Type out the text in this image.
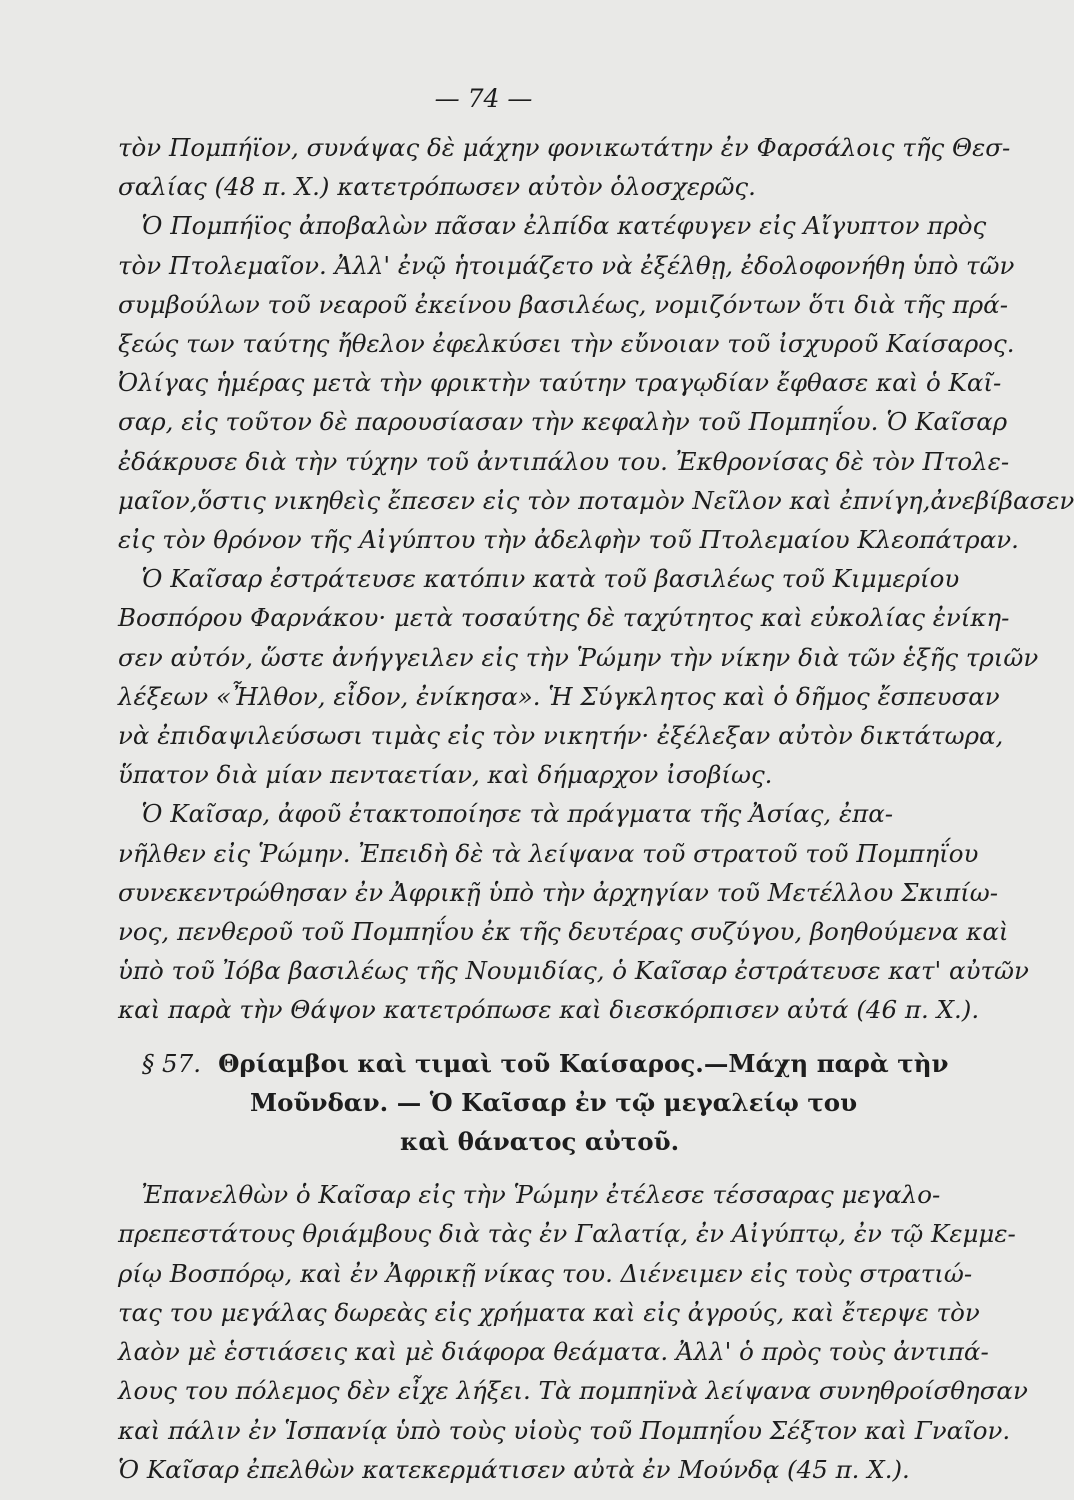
— 74 —
τὸν Πομπήϊον, συνάψας δὲ μάχην φονικωτάτην ἐν Φαρσάλοις τῆς Θεσ-
σαλίας (48 π. Χ.) κατετρόπωσεν αὐτὸν ὁλοσχερῶς.
Ὁ Πομπήϊος ἀποβαλὼν πᾶσαν ἐλπίδα κατέφυγεν εἰς Αἴγυπτον πρὸς
τὸν Πτολεμαῖον. Ἀλλ' ἐνῷ ἡτοιμάζετο νὰ ἐξέλθῃ, ἐδολοφονήθη ὑπὸ τῶν
συμβούλων τοῦ νεαροῦ ἐκείνου βασιλέως, νομιζόντων ὅτι διὰ τῆς πρά-
ξεώς των ταύτης ἤθελον ἐφελκύσει τὴν εὔνοιαν τοῦ ἰσχυροῦ Καίσαρος.
Ὀλίγας ἡμέρας μετὰ τὴν φρικτὴν ταύτην τραγῳδίαν ἔφθασε καὶ ὁ Καῖ-
σαρ, εἰς τοῦτον δὲ παρουσίασαν τὴν κεφαλὴν τοῦ Πομπηΐου. Ὁ Καῖσαρ
ἐδάκρυσε διὰ τὴν τύχην τοῦ ἀντιπάλου του. Ἐκθρονίσας δὲ τὸν Πτολε-
μαῖον,ὅστις νικηθεὶς ἔπεσεν εἰς τὸν ποταμὸν Νεῖλον καὶ ἐπνίγη,ἀνεβίβασεν
εἰς τὸν θρόνον τῆς Αἰγύπτου τὴν ἀδελφὴν τοῦ Πτολεμαίου Κλεοπάτραν.
Ὁ Καῖσαρ ἐστράτευσε κατόπιν κατὰ τοῦ βασιλέως τοῦ Κιμμερίου
Βοσπόρου Φαρνάκου· μετὰ τοσαύτης δὲ ταχύτητος καὶ εὐκολίας ἐνίκη-
σεν αὐτόν, ὥστε ἀνήγγειλεν εἰς τὴν Ῥώμην τὴν νίκην διὰ τῶν ἑξῆς τριῶν
λέξεων «Ἦλθον, εἶδον, ἐνίκησα». Ἡ Σύγκλητος καὶ ὁ δῆμος ἔσπευσαν
νὰ ἐπιδαψιλεύσωσι τιμὰς εἰς τὸν νικητήν· ἐξέλεξαν αὐτὸν δικτάτωρα,
ὕπατον διὰ μίαν πενταετίαν, καὶ δήμαρχον ἰσοβίως.
Ὁ Καῖσαρ, ἀφοῦ ἐτακτοποίησε τὰ πράγματα τῆς Ἀσίας, ἐπα-
νῆλθεν εἰς Ῥώμην. Ἐπειδὴ δὲ τὰ λείψανα τοῦ στρατοῦ τοῦ Πομπηΐου
συνεκεντρώθησαν ἐν Ἀφρικῇ ὑπὸ τὴν ἀρχηγίαν τοῦ Μετέλλου Σκιπίω-
νος, πενθεροῦ τοῦ Πομπηΐου ἐκ τῆς δευτέρας συζύγου, βοηθούμενα καὶ
ὑπὸ τοῦ Ἰόβα βασιλέως τῆς Νουμιδίας, ὁ Καῖσαρ ἐστράτευσε κατ' αὐτῶν
καὶ παρὰ τὴν Θάψον κατετρόπωσε καὶ διεσκόρπισεν αὐτά (46 π. Χ.).
§ 57. Θρίαμβοι καὶ τιμαὶ τοῦ Καίσαρος.—Μάχη παρὰ τὴν
Μοῦνδαν. — Ὁ Καῖσαρ ἐν τῷ μεγαλείῳ του
καὶ θάνατος αὐτοῦ.
Ἐπανελθὼν ὁ Καῖσαρ εἰς τὴν Ῥώμην ἐτέλεσε τέσσαρας μεγαλο-
πρεπεστάτους θριάμβους διὰ τὰς ἐν Γαλατίᾳ, ἐν Αἰγύπτῳ, ἐν τῷ Κεμμε-
ρίῳ Βοσπόρῳ, καὶ ἐν Ἀφρικῇ νίκας του. Διένειμεν εἰς τοὺς στρατιώ-
τας του μεγάλας δωρεὰς εἰς χρήματα καὶ εἰς ἀγρούς, καὶ ἔτερψε τὸν
λαὸν μὲ ἑστιάσεις καὶ μὲ διάφορα θεάματα. Ἀλλ' ὁ πρὸς τοὺς ἀντιπά-
λους του πόλεμος δὲν εἶχε λήξει. Τὰ πομπηϊνὰ λείψανα συνηθροίσθησαν
καὶ πάλιν ἐν Ἱσπανίᾳ ὑπὸ τοὺς υἱοὺς τοῦ Πομπηΐου Σέξτον καὶ Γναῖον.
Ὁ Καῖσαρ ἐπελθὼν κατεκερμάτισεν αὐτὰ ἐν Μούνδᾳ (45 π. Χ.).
